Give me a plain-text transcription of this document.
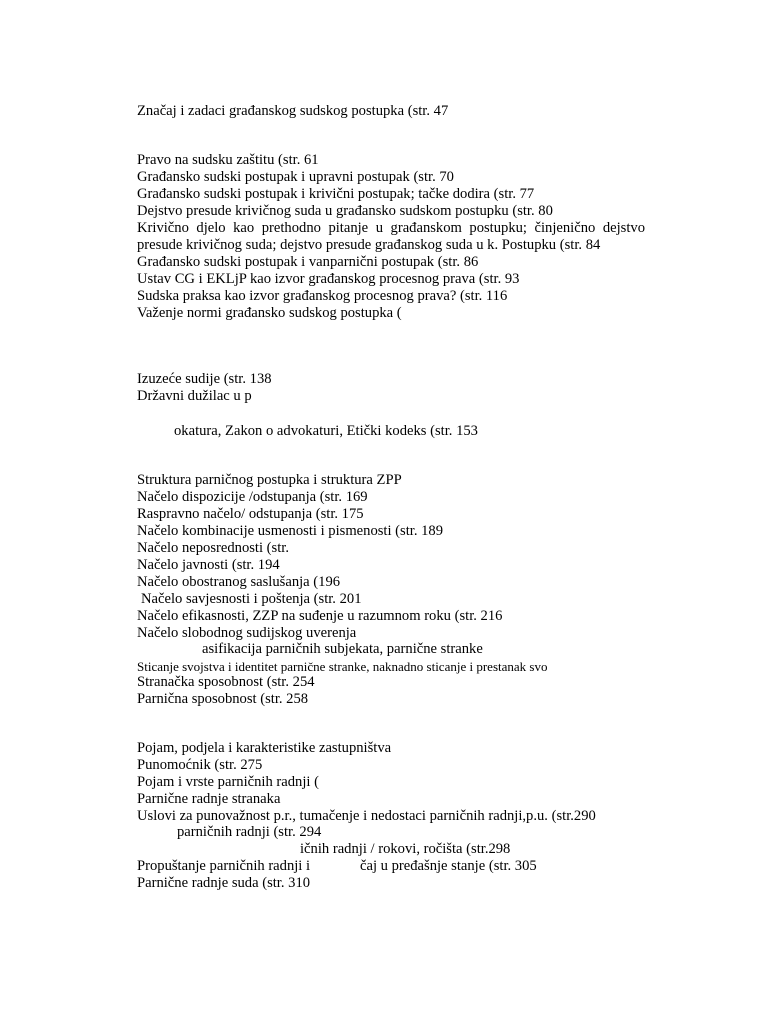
Značaj i zadaci građanskog sudskog postupka (str. 47

Pravo na sudsku zaštitu (str. 61

Građansko sudski postupak i upravni postupak (str. 70

Građansko sudski postupak i krivični postupak; tačke dodira (str. 77

Dejstvo presude krivičnog suda u građansko sudskom postupku (str. 80

Krivično djelo kao prethodno pitanje u građanskom postupku; činjenično dejstvo

presude krivičnog suda; dejstvo presude građanskog suda u k. Postupku (str. 84

Građansko sudski postupak i vanparnični postupak (str. 86

Ustav CG i EKLjP kao izvor građanskog procesnog prava (str. 93

Sudska praksa kao izvor građanskog procesnog prava? (str. 116

Važenje normi građansko sudskog postupka (

Izuzeće sudije (str. 138

Državni dužilac u p

okatura, Zakon o advokaturi, Etički kodeks (str. 153

Struktura parničnog postupka i struktura ZPP

Načelo dispozicije /odstupanja (str. 169

Raspravno načelo/ odstupanja (str. 175

Načelo kombinacije usmenosti i pismenosti (str. 189

Načelo neposrednosti (str.

Načelo javnosti (str. 194

Načelo obostranog saslušanja (196

Načelo savjesnosti i poštenja (str. 201

Načelo efikasnosti, ZZP na suđenje u razumnom roku (str. 216

Načelo slobodnog sudijskog uverenja

asifikacija parničnih subjekata, parnične stranke

Sticanje svojstva i identitet parnične stranke, naknadno sticanje i prestanak svo

Stranačka sposobnost (str. 254

Parnična sposobnost (str. 258

Pojam, podjela i karakteristike zastupništva

Punomoćnik (str. 275

Pojam i vrste parničnih radnji (

Parnične radnje stranaka

Uslovi za punovažnost p.r., tumačenje i nedostaci parničnih radnji,p.u. (str.290

parničnih radnji (str. 294

ičnih radnji / rokovi, ročišta (str.298

Propuštanje parničnih radnji i	čaj u pređašnje stanje (str. 305

Parnične radnje suda (str. 310
